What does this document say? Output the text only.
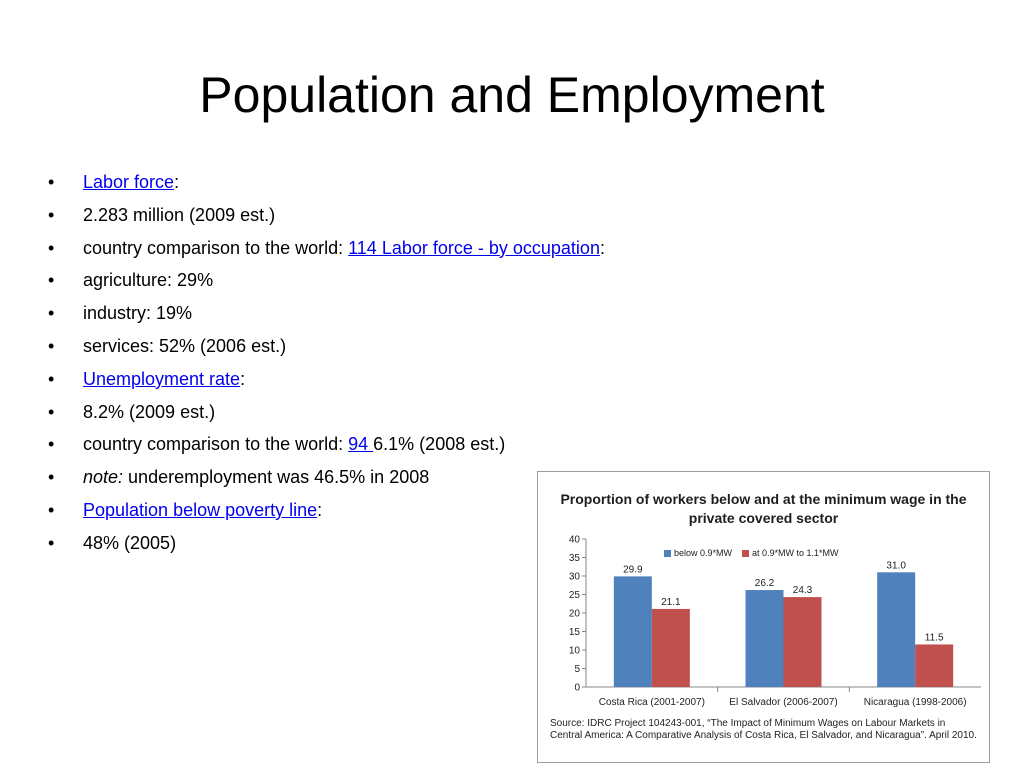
Population and Employment
• Labor force:
• 2.283 million (2009 est.)
• country comparison to the world: 114 Labor force - by occupation:
• agriculture: 29%
• industry: 19%
• services: 52% (2006 est.)
• Unemployment rate:
• 8.2% (2009 est.)
• country comparison to the world: 94 6.1% (2008 est.)
• note: underemployment was 46.5% in 2008
• Population below poverty line:
• 48% (2005)
Proportion of workers below and at the minimum wage in the private covered sector
0
5
10
15
20
25
30
35
40
29.9
21.1
Costa Rica (2001-2007)
26.2
24.3
El Salvador (2006-2007)
31.0
11.5
Nicaragua (1998-2006)
below 0.9*MW at 0.9*MW to 1.1*MW
Source: IDRC Project 104243-001, “The Impact of Minimum Wages on Labour Markets in Central America: A Comparative Analysis of Costa Rica, El Salvador, and Nicaragua”. April 2010.
